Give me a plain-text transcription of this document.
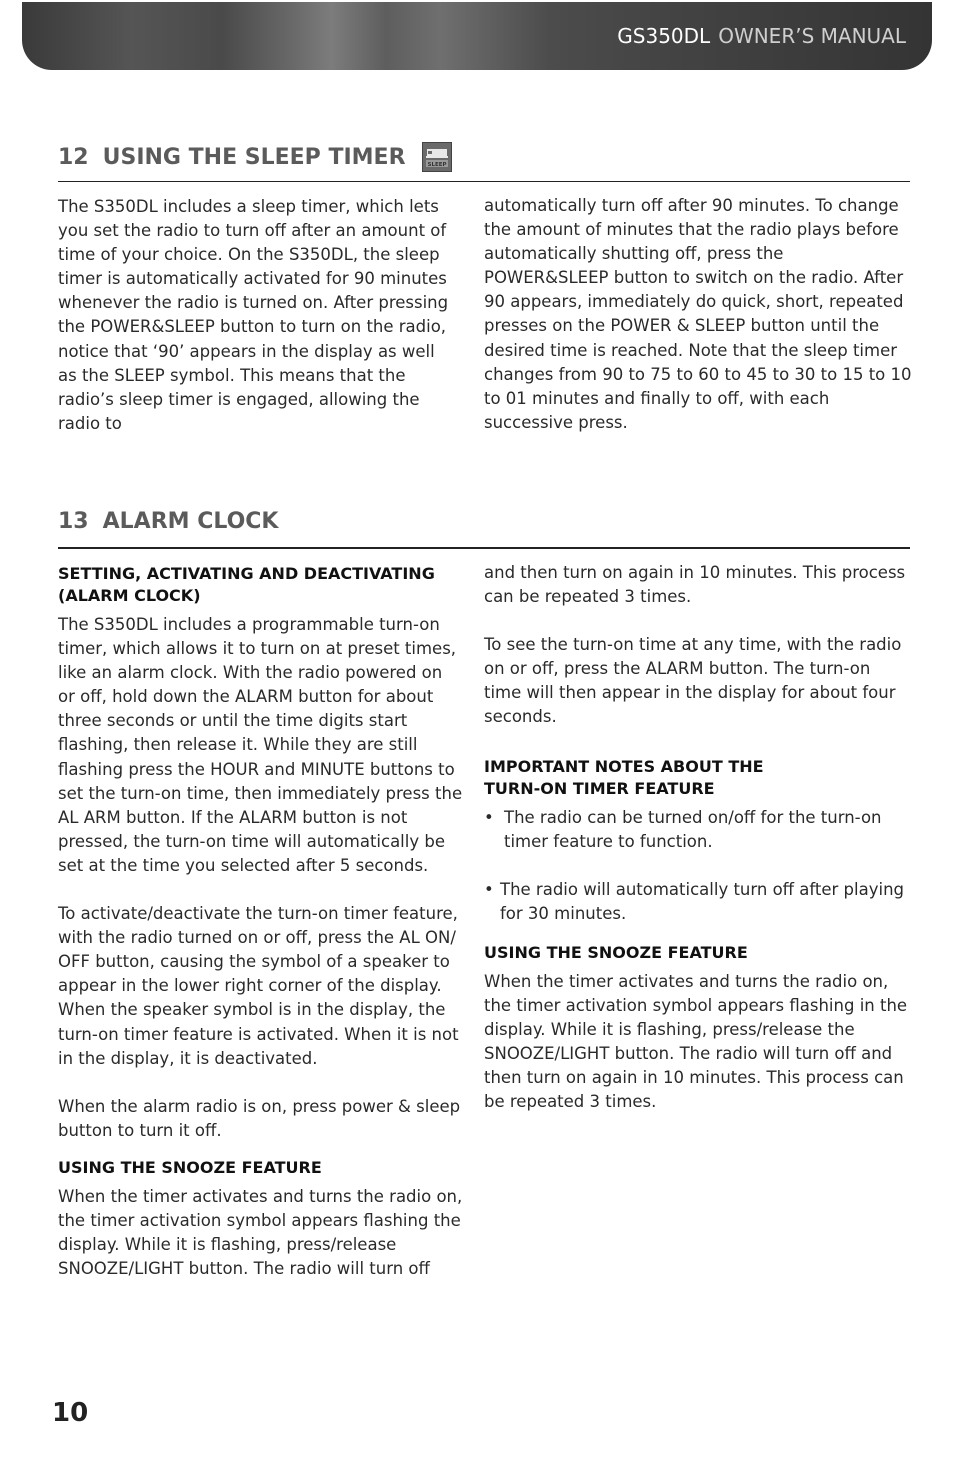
GS350DL OWNER’S MANUAL
12 USING THE SLEEP TIMER	SLEEP

The S350DL includes a sleep timer, which lets you set the radio to turn off after an amount of time of your choice. On the S350DL, the sleep timer is automatically activated for 90 minutes whenever the radio is turned on. After pressing the POWER&SLEEP button to turn on the radio, notice that ‘90’ appears in the display as well as the SLEEP symbol. This means that the radio’s sleep timer is engaged, allowing the radio to

automatically turn off after 90 minutes. To change the amount of minutes that the radio plays before automatically shutting off, press the POWER&SLEEP button to switch on the radio. After 90 appears, immediately do quick, short, repeated presses on the POWER & SLEEP button until the desired time is reached. Note that the sleep timer changes from 90 to 75 to 60 to 45 to 30 to 15 to 10 to 01 minutes and finally to off, with each successive press.

13 ALARM CLOCK
SETTING, ACTIVATING AND DEACTIVATING (ALARM CLOCK)

The S350DL includes a programmable turn-on timer, which allows it to turn on at preset times, like an alarm clock. With the radio powered on or off, hold down the ALARM button for about three seconds or until the time digits start flashing, then release it. While they are still flashing press the HOUR and MINUTE buttons to set the turn-on time, then immediately press the AL ARM button. If the ALARM button is not pressed, the turn-on time will automatically be set at the time you selected after 5 seconds.

To activate/deactivate the turn-on timer feature, with the radio turned on or off, press the AL ON/ OFF button, causing the symbol of a speaker to appear in the lower right corner of the display. When the speaker symbol is in the display, the turn-on timer feature is activated. When it is not in the display, it is deactivated.

When the alarm radio is on, press power & sleep button to turn it off.

USING THE SNOOZE FEATURE

When the timer activates and turns the radio on, the timer activation symbol appears flashing the display. While it is flashing, press/release SNOOZE/LIGHT button. The radio will turn off

and then turn on again in 10 minutes. This process can be repeated 3 times.

To see the turn-on time at any time, with the radio on or off, press the ALARM button. The turn-on time will then appear in the display for about four seconds.

IMPORTANT NOTES ABOUT THE TURN-ON TIMER FEATURE
• The radio can be turned on/off for the turn-on timer feature to function.
• The radio will automatically turn off after playing for 30 minutes.
USING THE SNOOZE FEATURE

When the timer activates and turns the radio on, the timer activation symbol appears flashing in the display. While it is flashing, press/release the SNOOZE/LIGHT button. The radio will turn off and then turn on again in 10 minutes. This process can be repeated 3 times.

10
